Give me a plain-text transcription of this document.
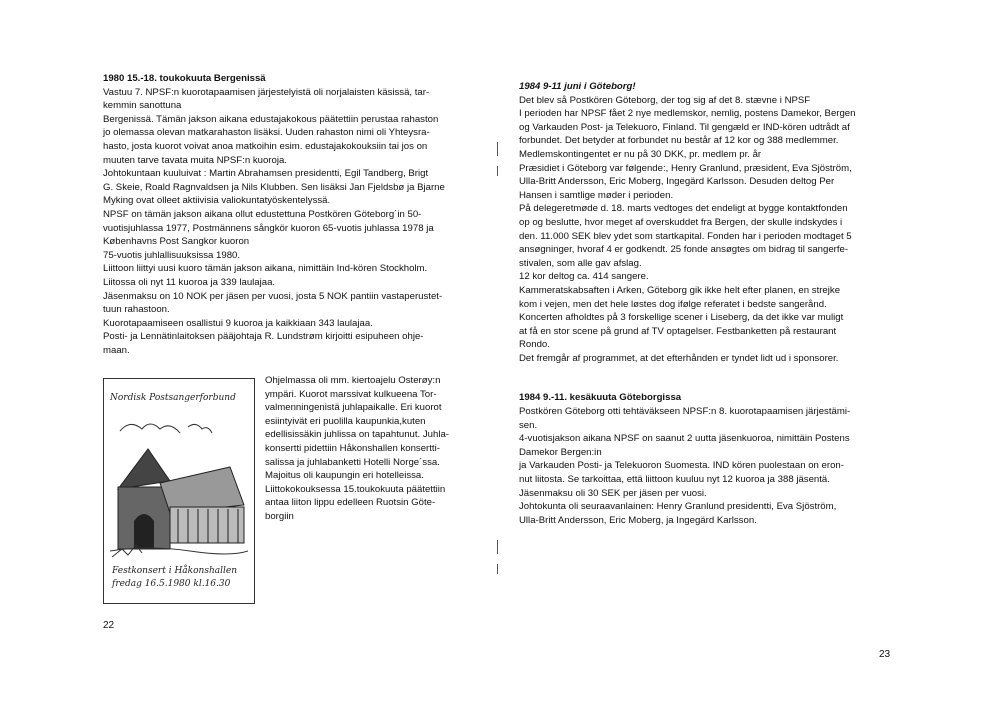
1980 15.-18. toukokuuta Bergenissä

Vastuu 7. NPSF:n kuorotapaamisen järjestelyistä oli norjalaisten käsissä, tar-

kemmin sanottuna

Bergenissä. Tämän jakson aikana edustajakokous päätettiin perustaa rahaston

jo olemassa olevan matkarahaston lisäksi. Uuden rahaston nimi oli Yhteysra-

hasto, josta kuorot voivat anoa matkoihin esim. edustajakokouksiin tai jos on

muuten tarve tavata muita NPSF:n kuoroja.

Johtokuntaan kuuluivat : Martin Abrahamsen presidentti, Egil Tandberg, Brigt

G. Skeie, Roald Ragnvaldsen ja Nils Klubben. Sen lisäksi Jan Fjeldsbø ja Bjarne

Myking ovat olleet aktiivisia valiokuntatyöskentelyssä.

NPSF on tämän jakson aikana ollut edustettuna Postkören Göteborg´in 50-

vuotisjuhlassa 1977, Postmännens sångkör kuoron 65-vuotis juhlassa 1978 ja

Københavns Post Sangkor kuoron

75-vuotis juhlallisuuksissa 1980.

Liittoon liittyi uusi kuoro tämän jakson aikana, nimittäin Ind-kören Stockholm.

Liitossa oli nyt 11 kuoroa ja 339 laulajaa.

Jäsenmaksu on 10 NOK per jäsen per vuosi, josta 5 NOK pantiin vastaperustet-

tuun rahastoon.

Kuorotapaamiseen osallistui 9 kuoroa ja kaikkiaan 343 laulajaa.

Posti- ja Lennätinlaitoksen pääjohtaja R. Lundstrøm kirjoitti esipuheen ohje-

maan.

Nordisk Postsangerforbund
Festkonsert i Håkonshallen
fredag 16.5.1980 kl.16.30

Ohjelmassa oli mm. kiertoajelu Osterøy:n

ympäri. Kuorot marssivat kulkueena Tor-

valmenningenistä juhlapaikalle. Eri kuorot

esiintyivät eri puolilla kaupunkia,kuten

edellisissäkin juhlissa on tapahtunut. Juhla-

konsertti pidettiin Håkonshallen konsertti-

salissa ja juhlabanketti Hotelli Norge´ssa.

Majoitus oli kaupungin eri hotelleissa.

Liittokokouksessa 15.toukokuuta päätettiin

antaa liiton lippu edelleen Ruotsin Göte-

borgiin

22

1984 9-11 juni i Göteborg!

Det blev så Postkören Göteborg, der tog sig af det 8. stævne i NPSF

I perioden har NPSF fået 2 nye medlemskor, nemlig, postens Damekor, Bergen

og Varkauden Post- ja Telekuoro, Finland. Til gengæld er IND-kören udtrådt af

forbundet. Det betyder at forbundet nu består af 12 kor og 388 medlemmer.

Medlemskontingentet er nu på 30 DKK, pr. medlem pr. år

Præsidiet i Göteborg var følgende:, Henry Granlund, præsident, Eva Sjöström,

Ulla-Britt Andersson, Eric Moberg, Ingegärd Karlsson. Desuden deltog Per

Hansen i samtlige møder i perioden.

På delegeretmøde d. 18. marts vedtoges det endeligt at bygge kontaktfonden

op og beslutte, hvor meget af overskuddet fra Bergen, der skulle indskydes i

den. 11.000 SEK blev ydet som startkapital. Fonden har i perioden modtaget 5

ansøgninger, hvoraf 4 er godkendt. 25 fonde ansøgtes om bidrag til sangerfe-

stivalen, som alle gav afslag.

12 kor deltog ca. 414 sangere.

Kammeratskabsaften i Arken, Göteborg gik ikke helt efter planen, en strejke

kom i vejen, men det hele løstes dog ifølge referatet i bedste sangerånd.

Koncerten afholdtes på 3 forskellige scener i Liseberg, da det ikke var muligt

at få en stor scene på grund af TV optagelser. Festbanketten på restaurant

Rondo.

Det fremgår af programmet, at det efterhånden er tyndet lidt ud i sponsorer.

1984 9.-11. kesäkuuta Göteborgissa

Postkören Göteborg otti tehtäväkseen NPSF:n 8. kuorotapaamisen järjestämi-

sen.

4-vuotisjakson aikana NPSF on saanut 2 uutta jäsenkuoroa, nimittäin Postens

Damekor Bergen:in

ja Varkauden Posti- ja Telekuoron Suomesta. IND kören puolestaan on eron-

nut liitosta. Se tarkoittaa, että liittoon kuuluu nyt 12 kuoroa ja 388 jäsentä.

Jäsenmaksu oli 30 SEK per jäsen per vuosi.

Johtokunta oli seuraavanlainen: Henry Granlund presidentti, Eva Sjöström,

Ulla-Britt Andersson, Eric Moberg, ja Ingegärd Karlsson.

23
